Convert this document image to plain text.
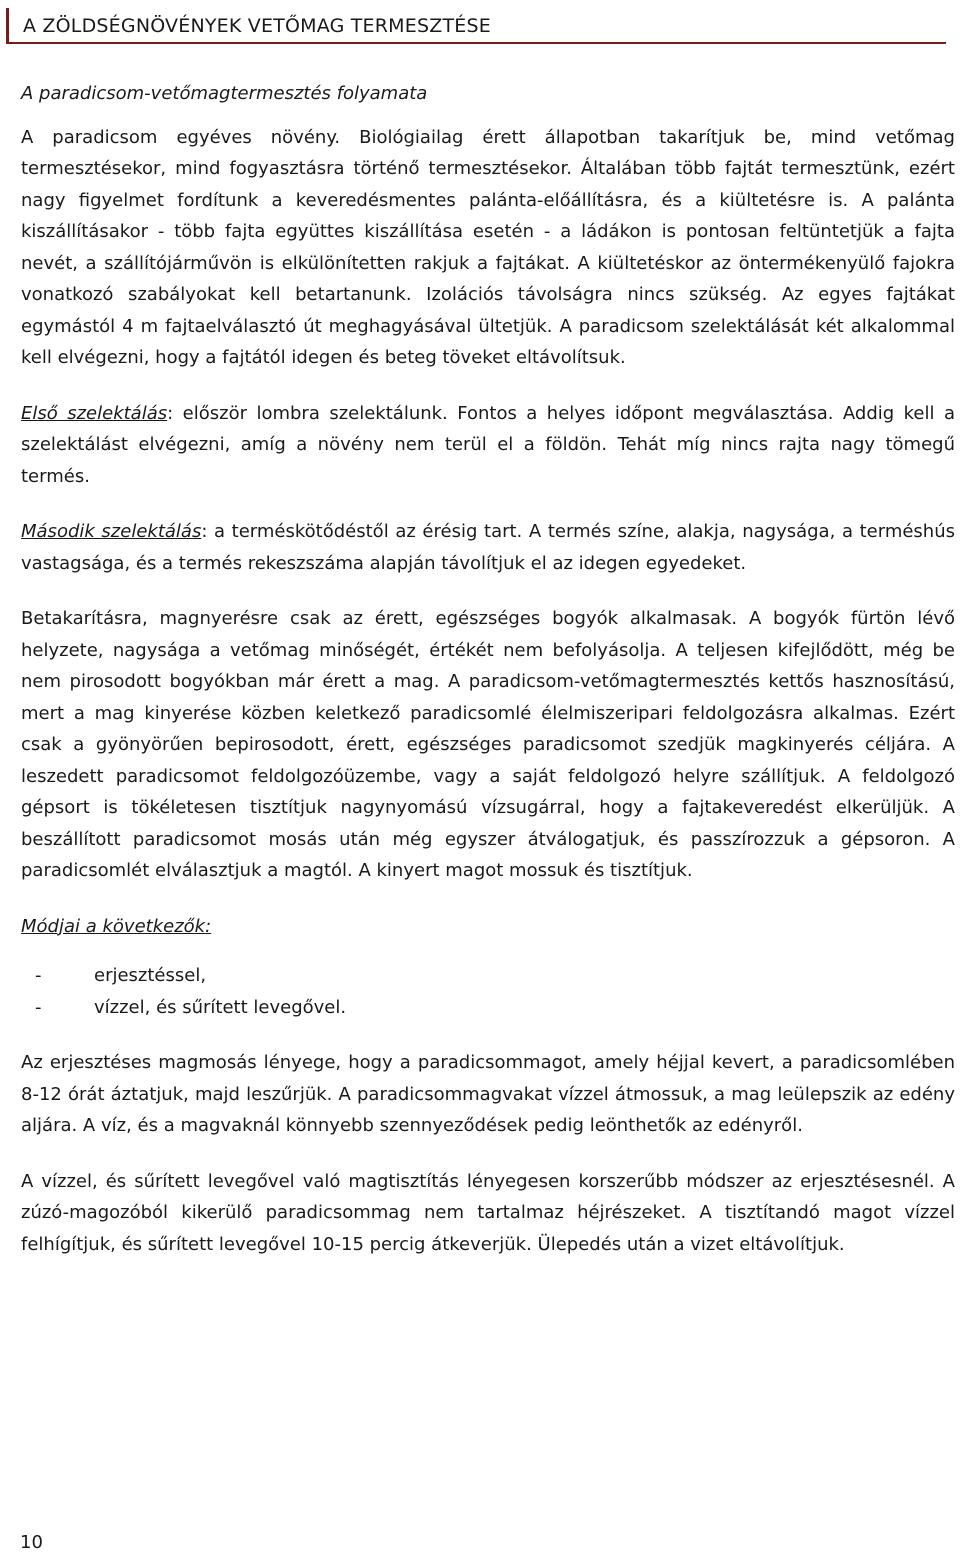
A ZÖLDSÉGNÖVÉNYEK VETŐMAG TERMESZTÉSE

A paradicsom-vetőmagtermesztés folyamata

A paradicsom egyéves növény. Biológiailag érett állapotban takarítjuk be, mind vetőmag termesztésekor, mind fogyasztásra történő termesztésekor. Általában több fajtát termesztünk, ezért nagy figyelmet fordítunk a keveredésmentes palánta-előállításra, és a kiültetésre is. A palánta kiszállításakor - több fajta együttes kiszállítása esetén - a ládákon is pontosan feltüntetjük a fajta nevét, a szállítójárművön is elkülönítetten rakjuk a fajtákat. A kiültetéskor az öntermékenyülő fajokra vonatkozó szabályokat kell betartanunk. Izolációs távolságra nincs szükség. Az egyes fajtákat egymástól 4 m fajtaelválasztó út meghagyásával ültetjük. A paradicsom szelektálását két alkalommal kell elvégezni, hogy a fajtától idegen és beteg töveket eltávolítsuk.

Első szelektálás: először lombra szelektálunk. Fontos a helyes időpont megválasztása. Addig kell a szelektálást elvégezni, amíg a növény nem terül el a földön. Tehát míg nincs rajta nagy tömegű termés.

Második szelektálás: a terméskötődéstől az érésig tart. A termés színe, alakja, nagysága, a terméshús vastagsága, és a termés rekeszszáma alapján távolítjuk el az idegen egyedeket.

Betakarításra, magnyerésre csak az érett, egészséges bogyók alkalmasak. A bogyók fürtön lévő helyzete, nagysága a vetőmag minőségét, értékét nem befolyásolja. A teljesen kifejlődött, még be nem pirosodott bogyókban már érett a mag. A paradicsom-vetőmagtermesztés kettős hasznosítású, mert a mag kinyerése közben keletkező paradicsomlé élelmiszeripari feldolgozásra alkalmas. Ezért csak a gyönyörűen bepirosodott, érett, egészséges paradicsomot szedjük magkinyerés céljára. A leszedett paradicsomot feldolgozóüzembe, vagy a saját feldolgozó helyre szállítjuk. A feldolgozó gépsort is tökéletesen tisztítjuk nagynyomású vízsugárral, hogy a fajtakeveredést elkerüljük. A beszállított paradicsomot mosás után még egyszer átválogatjuk, és passzírozzuk a gépsoron. A paradicsomlét elválasztjuk a magtól. A kinyert magot mossuk és tisztítjuk.

Módjai a következők:

-	erjesztéssel,
-	vízzel, és sűrített levegővel.

Az erjesztéses magmosás lényege, hogy a paradicsommagot, amely héjjal kevert, a paradicsomlében 8-12 órát áztatjuk, majd leszűrjük. A paradicsommagvakat vízzel átmossuk, a mag leülepszik az edény aljára. A víz, és a magvaknál könnyebb szennyeződések pedig leönthetők az edényről.

A vízzel, és sűrített levegővel való magtisztítás lényegesen korszerűbb módszer az erjesztésesnél. A zúzó-magozóból kikerülő paradicsommag nem tartalmaz héjrészeket. A tisztítandó magot vízzel felhígítjuk, és sűrített levegővel 10-15 percig átkeverjük. Ülepedés után a vizet eltávolítjuk.

10
